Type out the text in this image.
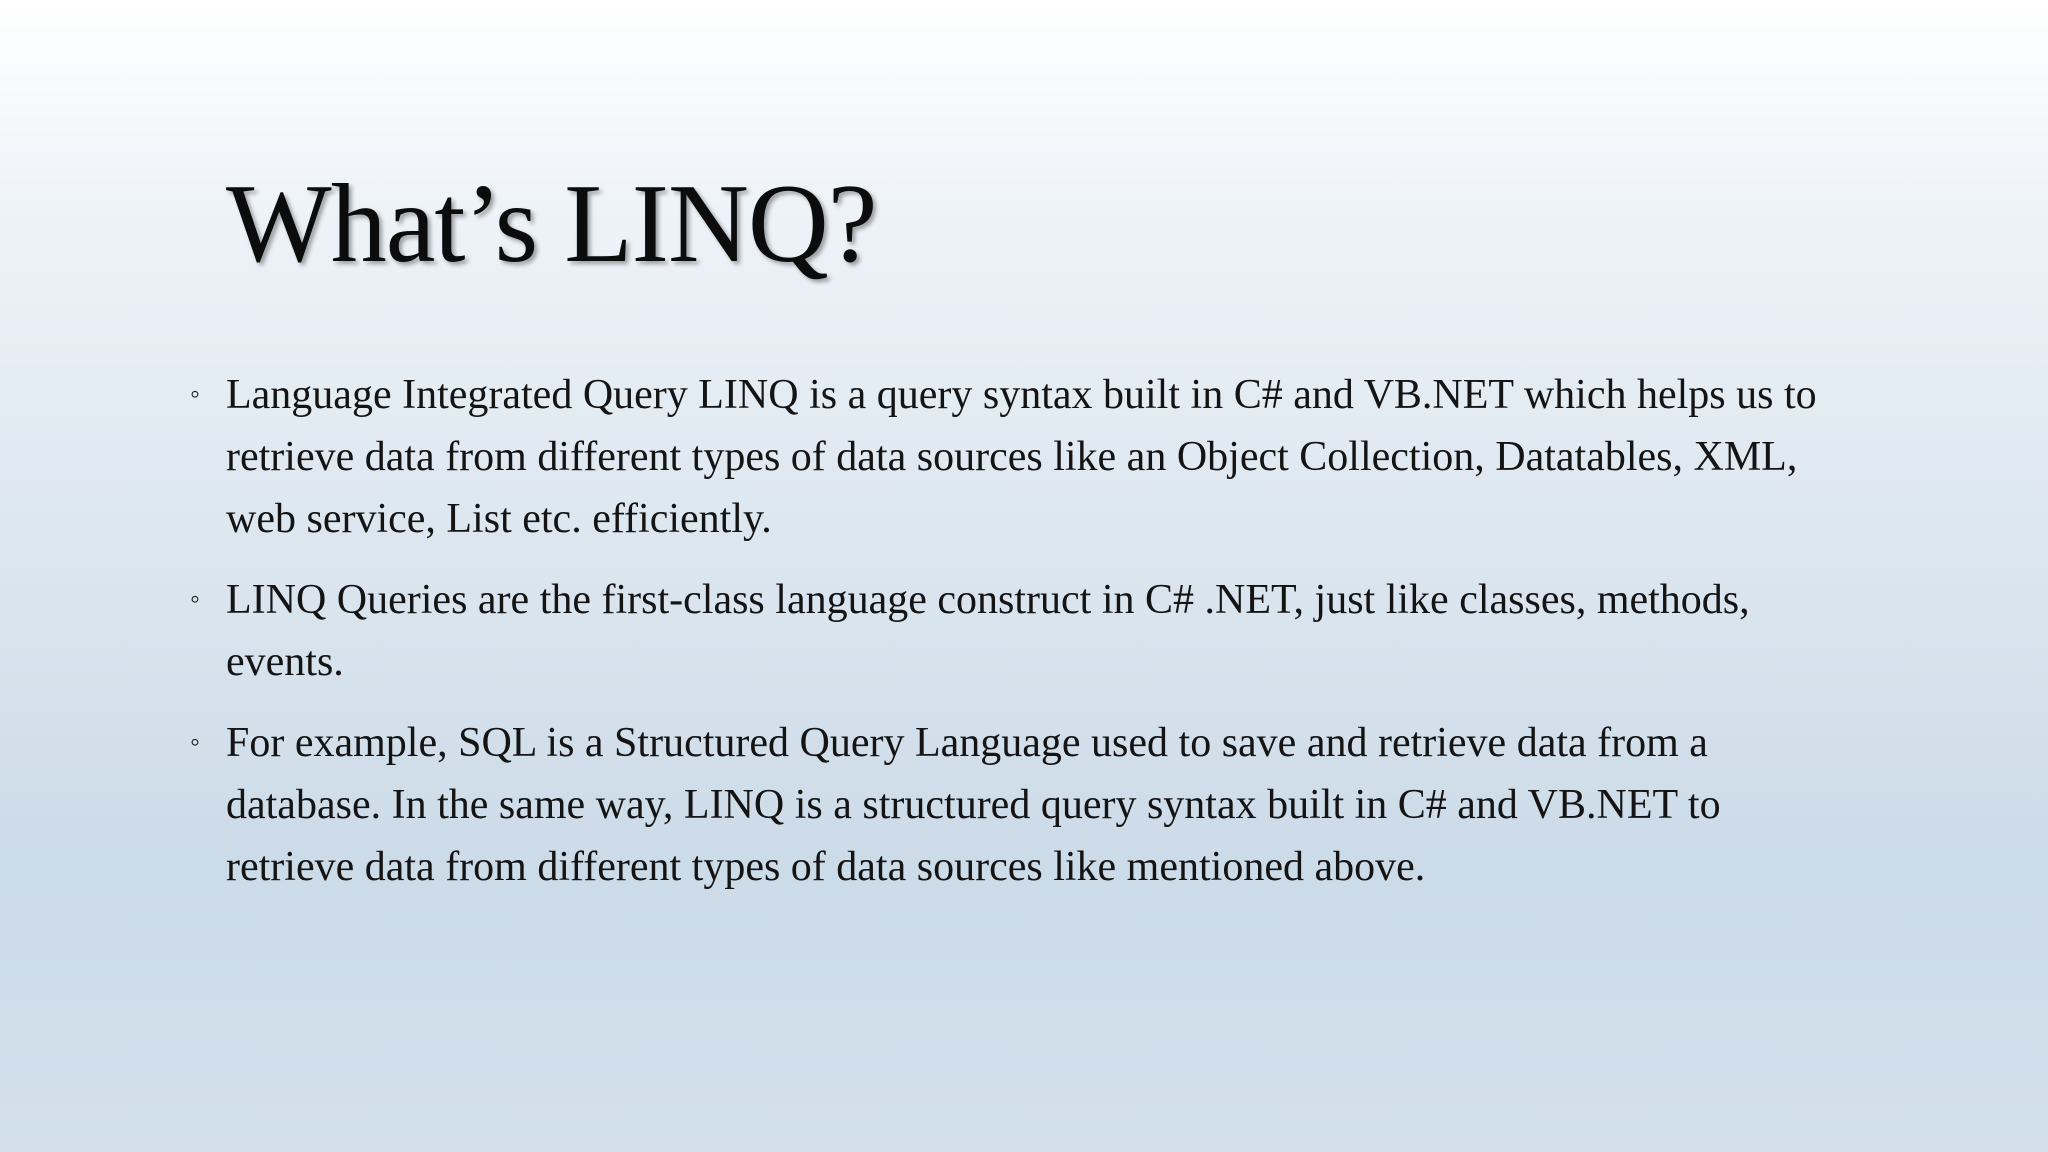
What’s LINQ?
◦ Language Integrated Query LINQ is a query syntax built in C# and VB.NET which helps us to retrieve data from different types of data sources like an Object Collection, Datatables, XML, web service, List etc. efficiently.
◦ LINQ Queries are the first-class language construct in C# .NET, just like classes, methods, events.
◦ For example, SQL is a Structured Query Language used to save and retrieve data from a database. In the same way, LINQ is a structured query syntax built in C# and VB.NET to retrieve data from different types of data sources like mentioned above.
